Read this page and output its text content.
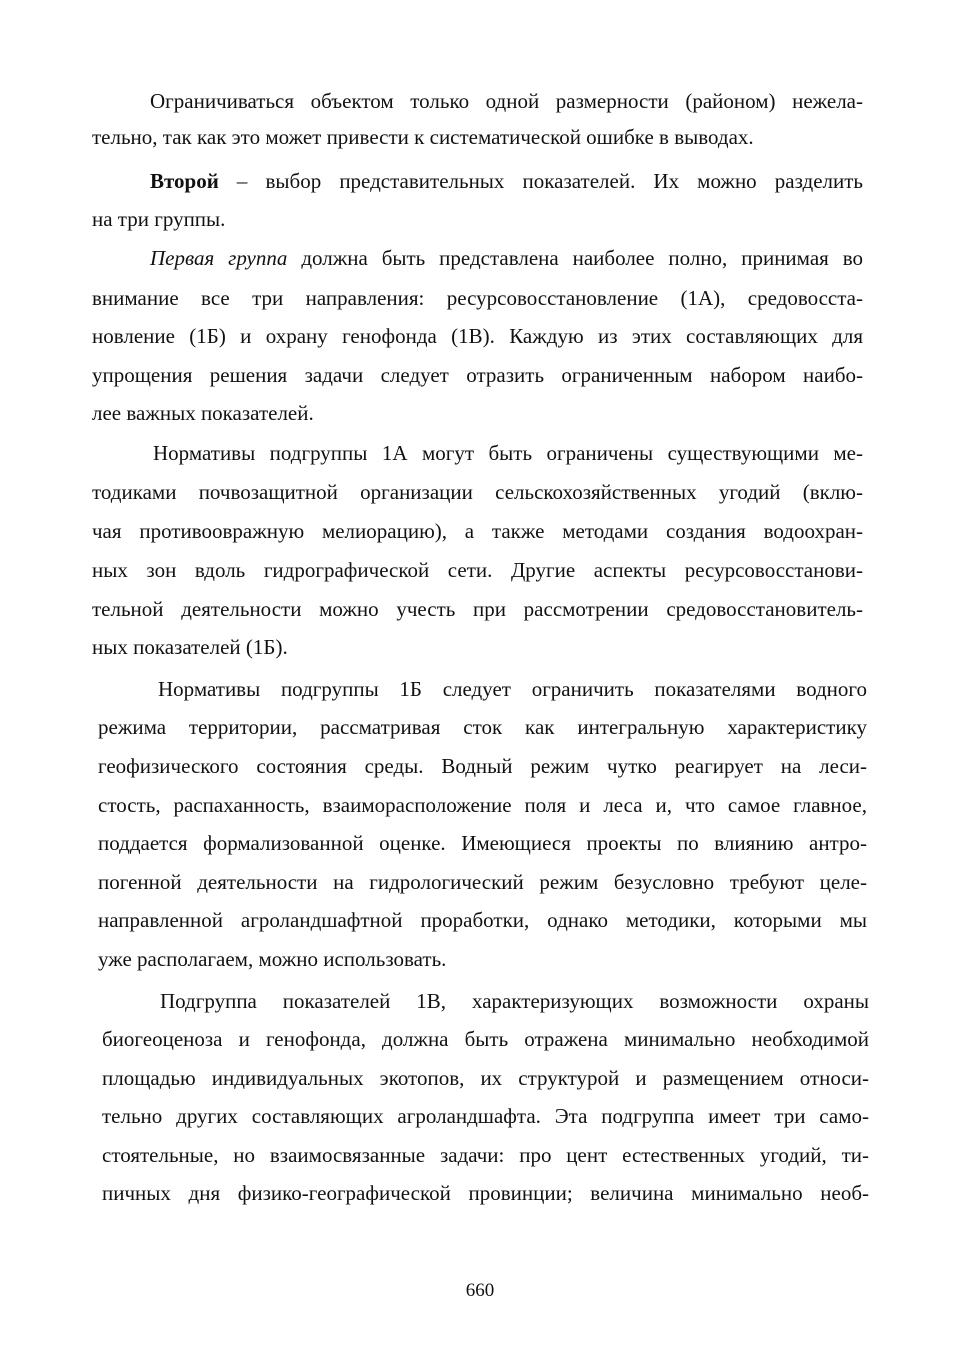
Ограничиваться объектом только одной размерности (районом) нежела-

тельно, так как это может привести к систематической ошибке в выводах.

Второй – выбор представительных показателей. Их можно разделить

на три группы.

Первая группа должна быть представлена наиболее полно, принимая во

внимание все три направления: ресурсовосстановление (1А), средовосста-

новление (1Б) и охрану генофонда (1В). Каждую из этих составляющих для

упрощения решения задачи следует отразить ограниченным набором наибо-

лее важных показателей.

Нормативы подгруппы 1А могут быть ограничены существующими ме-

тодиками почвозащитной организации сельскохозяйственных угодий (вклю-

чая противоовражную мелиорацию), а также методами создания водоохран-

ных зон вдоль гидрографической сети. Другие аспекты ресурсовосстанови-

тельной деятельности можно учесть при рассмотрении средовосстановитель-

ных показателей (1Б).

Нормативы подгруппы 1Б следует ограничить показателями водного

режима территории, рассматривая сток как интегральную характеристику

геофизического состояния среды. Водный режим чутко реагирует на леси-

стость, распаханность, взаиморасположение поля и леса и, что самое главное,

поддается формализованной оценке. Имеющиеся проекты по влиянию антро-

погенной деятельности на гидрологический режим безусловно требуют целе-

направленной агроландшафтной проработки, однако методики, которыми мы

уже располагаем, можно использовать.

Подгруппа показателей 1В, характеризующих возможности охраны

биогеоценоза и генофонда, должна быть отражена минимально необходимой

площадью индивидуальных экотопов, их структурой и размещением относи-

тельно других составляющих агроландшафта. Эта подгруппа имеет три само-

стоятельные, но взаимосвязанные задачи: про цент естественных угодий, ти-

пичных дня физико-географической провинции; величина минимально необ-

660
